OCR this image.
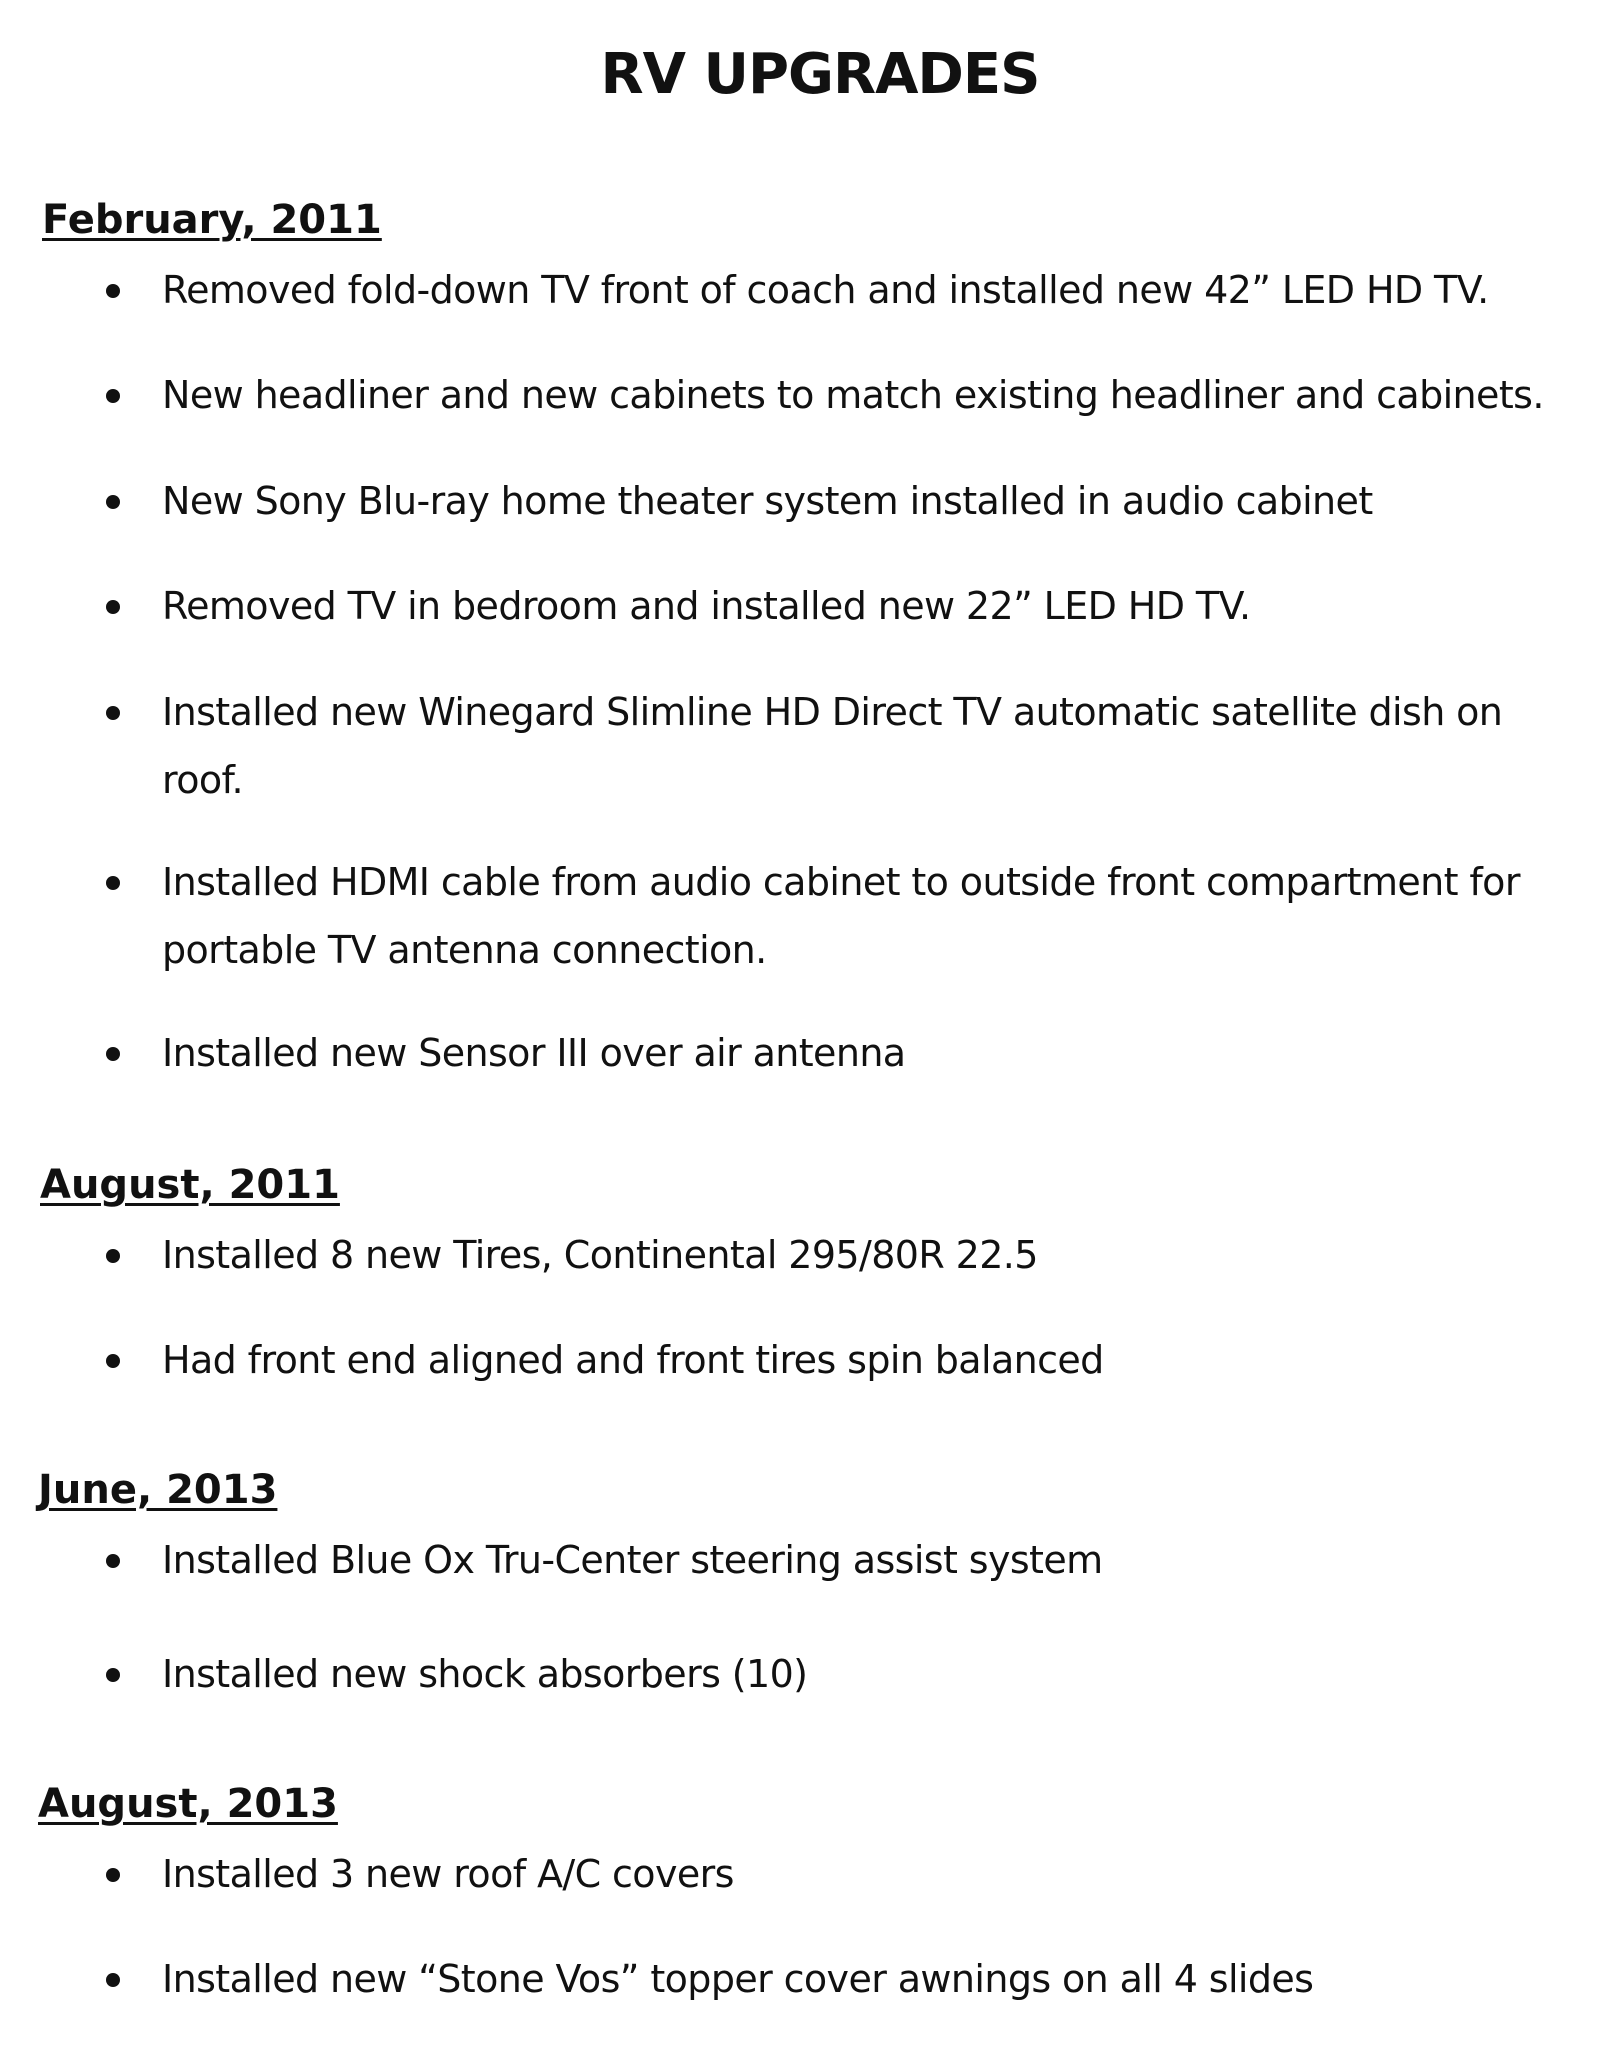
RV UPGRADES
February, 2011
Removed fold-down TV front of coach and installed new 42” LED HD TV.
New headliner and new cabinets to match existing headliner and cabinets.
New Sony Blu-ray home theater system installed in audio cabinet
Removed TV in bedroom and installed new 22” LED HD TV.
Installed new Winegard Slimline HD Direct TV automatic satellite dish on roof.
Installed HDMI cable from audio cabinet to outside front compartment for portable TV antenna connection.
Installed new Sensor III over air antenna
August, 2011
Installed 8 new Tires, Continental 295/80R 22.5
Had front end aligned and front tires spin balanced
June, 2013
Installed Blue Ox Tru-Center steering assist system
Installed new shock absorbers (10)
August, 2013
Installed 3 new roof A/C covers
Installed new “Stone Vos” topper cover awnings on all 4 slides
